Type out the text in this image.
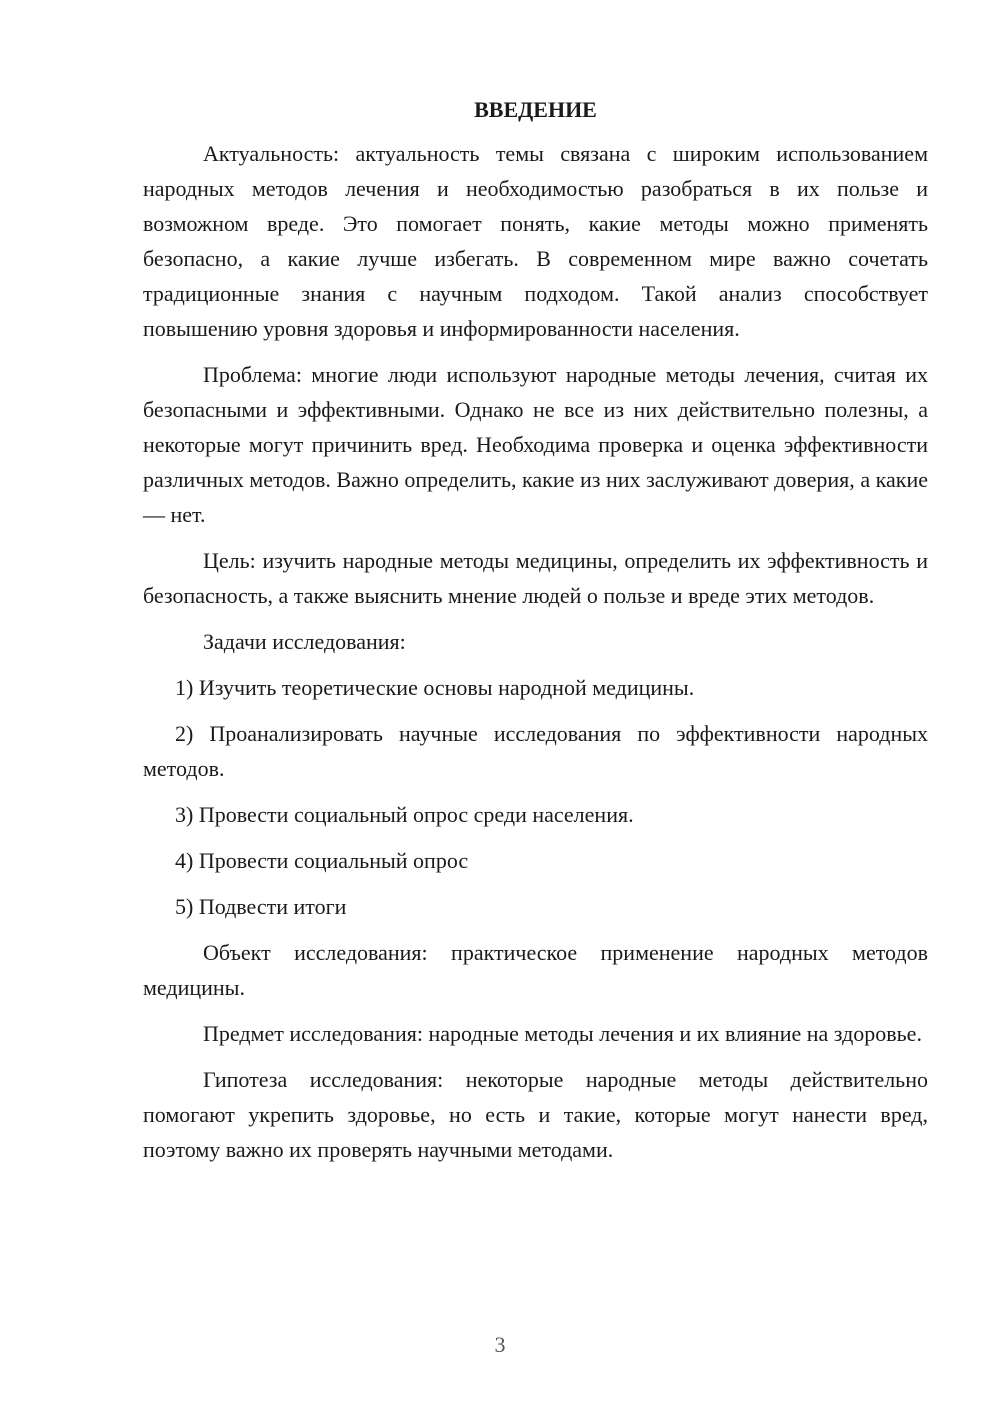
ВВЕДЕНИЕ

Актуальность: актуальность темы связана с широким использованием народных методов лечения и необходимостью разобраться в их пользе и возможном вреде. Это помогает понять, какие методы можно применять безопасно, а какие лучше избегать. В современном мире важно сочетать традиционные знания с научным подходом. Такой анализ способствует повышению уровня здоровья и информированности населения.

Проблема: многие люди используют народные методы лечения, считая их безопасными и эффективными. Однако не все из них действительно полезны, а некоторые могут причинить вред. Необходима проверка и оценка эффективности различных методов. Важно определить, какие из них заслуживают доверия, а какие — нет.

Цель: изучить народные методы медицины, определить их эффективность и безопасность, а также выяснить мнение людей о пользе и вреде этих методов.

Задачи исследования:

1) Изучить теоретические основы народной медицины.

2) Проанализировать научные исследования по эффективности народных методов.

3) Провести социальный опрос среди населения.

4) Провести социальный опрос

5) Подвести итоги

Объект исследования: практическое применение народных методов медицины.

Предмет исследования: народные методы лечения и их влияние на здоровье.

Гипотеза исследования: некоторые народные методы действительно помогают укрепить здоровье, но есть и такие, которые могут нанести вред, поэтому важно их проверять научными методами.

3
